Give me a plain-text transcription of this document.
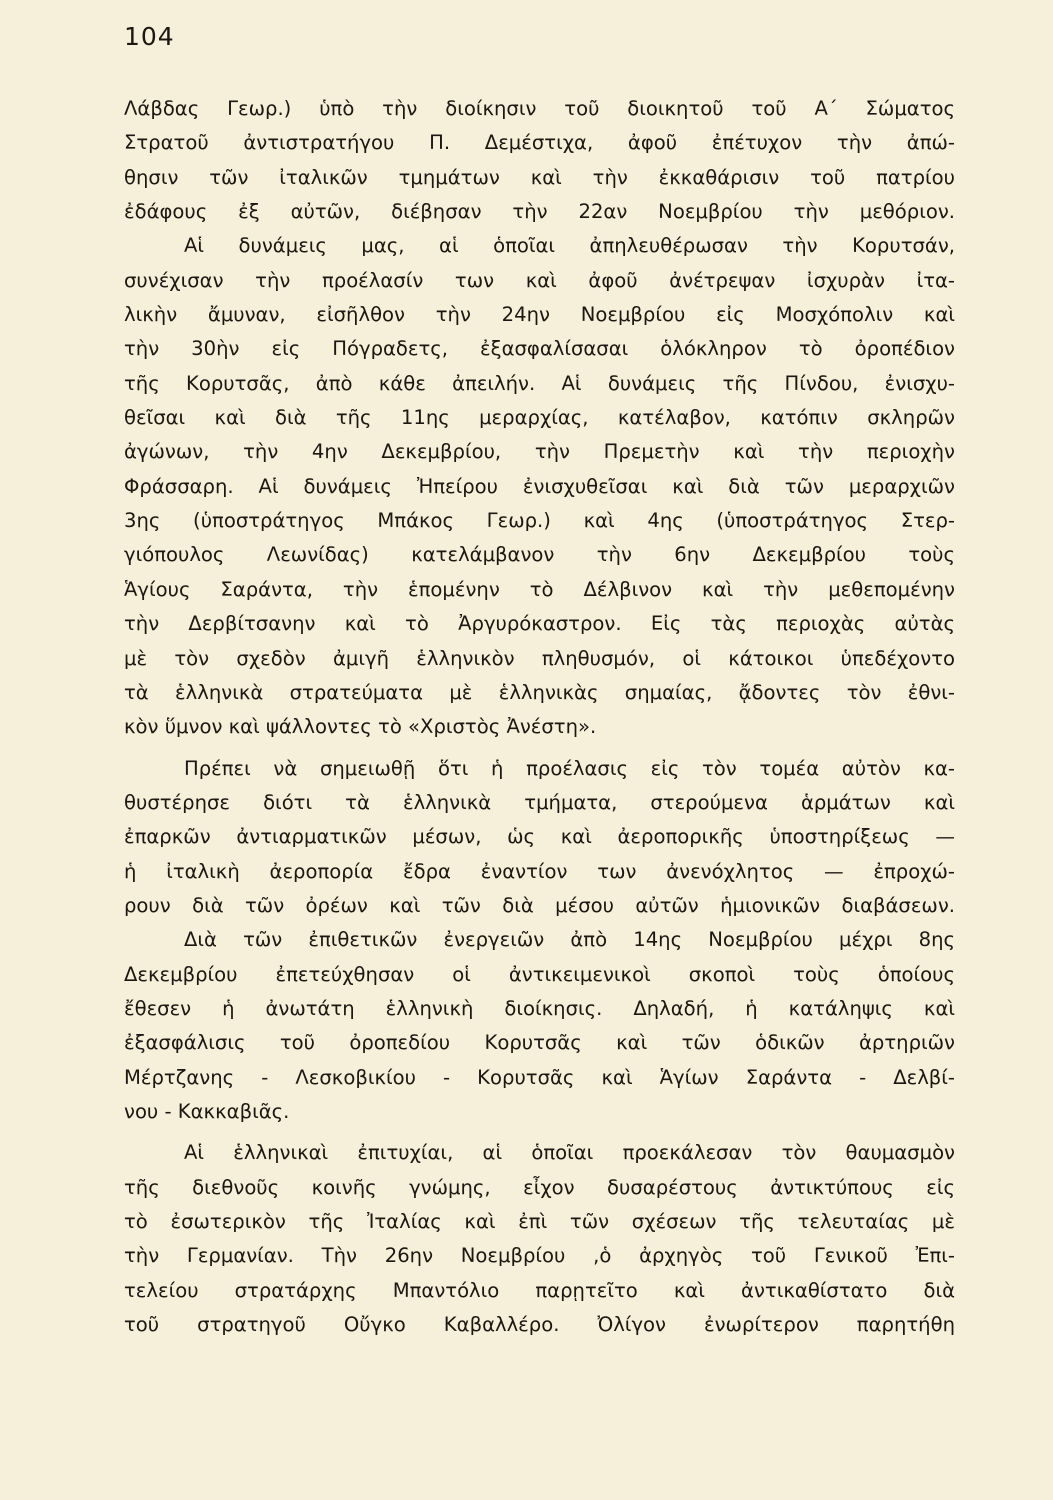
104
Λάβδας Γεωρ.) ὑπὸ τὴν διοίκησιν τοῦ διοικητοῦ τοῦ Α΄ Σώματος
Στρατοῦ ἀντιστρατήγου Π. Δεμέστιχα, ἀφοῦ ἐπέτυχον τὴν ἀπώ-
θησιν τῶν ἰταλικῶν τμημάτων καὶ τὴν ἐκκαθάρισιν τοῦ πατρίου
ἐδάφους ἐξ αὐτῶν, διέβησαν τὴν 22αν Νοεμβρίου τὴν μεθόριον.
Αἱ δυνάμεις μας, αἱ ὁποῖαι ἀπηλευθέρωσαν τὴν Κορυτσάν,
συνέχισαν τὴν προέλασίν των καὶ ἀφοῦ ἀνέτρεψαν ἰσχυρὰν ἰτα-
λικὴν ἄμυναν, εἰσῆλθον τὴν 24ην Νοεμβρίου εἰς Μοσχόπολιν καὶ
τὴν 30ὴν εἰς Πόγραδετς, ἐξασφαλίσασαι ὁλόκληρον τὸ ὀροπέδιον
τῆς Κορυτσᾶς, ἀπὸ κάθε ἀπειλήν. Αἱ δυνάμεις τῆς Πίνδου, ἐνισχυ-
θεῖσαι καὶ διὰ τῆς 11ης μεραρχίας, κατέλαβον, κατόπιν σκληρῶν
ἀγώνων, τὴν 4ην Δεκεμβρίου, τὴν Πρεμετὴν καὶ τὴν περιοχὴν
Φράσσαρη. Αἱ δυνάμεις Ἠπείρου ἐνισχυθεῖσαι καὶ διὰ τῶν μεραρχιῶν
3ης (ὑποστράτηγος Μπάκος Γεωρ.) καὶ 4ης (ὑποστράτηγος Στερ-
γιόπουλος Λεωνίδας) κατελάμβανον τὴν 6ην Δεκεμβρίου τοὺς
Ἁγίους Σαράντα, τὴν ἑπομένην τὸ Δέλβινον καὶ τὴν μεθεπομένην
τὴν Δερβίτσανην καὶ τὸ Ἀργυρόκαστρον. Εἰς τὰς περιοχὰς αὐτὰς
μὲ τὸν σχεδὸν ἀμιγῆ ἑλληνικὸν πληθυσμόν, οἱ κάτοικοι ὑπεδέχοντο
τὰ ἑλληνικὰ στρατεύματα μὲ ἑλληνικὰς σημαίας, ᾄδοντες τὸν ἐθνι-
κὸν ὕμνον καὶ ψάλλοντες τὸ «Χριστὸς Ἀνέστη».
Πρέπει νὰ σημειωθῇ ὅτι ἡ προέλασις εἰς τὸν τομέα αὐτὸν κα-
θυστέρησε διότι τὰ ἑλληνικὰ τμήματα, στερούμενα ἁρμάτων καὶ
ἐπαρκῶν ἀντιαρματικῶν μέσων, ὡς καὶ ἀεροπορικῆς ὑποστηρίξεως —
ἡ ἰταλικὴ ἀεροπορία ἔδρα ἐναντίον των ἀνενόχλητος — ἐπροχώ-
ρουν διὰ τῶν ὀρέων καὶ τῶν διὰ μέσου αὐτῶν ἡμιονικῶν διαβάσεων.
Διὰ τῶν ἐπιθετικῶν ἐνεργειῶν ἀπὸ 14ης Νοεμβρίου μέχρι 8ης
Δεκεμβρίου ἐπετεύχθησαν οἱ ἀντικειμενικοὶ σκοποὶ τοὺς ὁποίους
ἔθεσεν ἡ ἀνωτάτη ἑλληνικὴ διοίκησις. Δηλαδή, ἡ κατάληψις καὶ
ἐξασφάλισις τοῦ ὀροπεδίου Κορυτσᾶς καὶ τῶν ὁδικῶν ἀρτηριῶν
Μέρτζανης - Λεσκοβικίου - Κορυτσᾶς καὶ Ἁγίων Σαράντα - Δελβί-
νου - Κακκαβιᾶς.
Αἱ ἑλληνικαὶ ἐπιτυχίαι, αἱ ὁποῖαι προεκάλεσαν τὸν θαυμασμὸν
τῆς διεθνοῦς κοινῆς γνώμης, εἶχον δυσαρέστους ἀντικτύπους εἰς
τὸ ἐσωτερικὸν τῆς Ἰταλίας καὶ ἐπὶ τῶν σχέσεων τῆς τελευταίας μὲ
τὴν Γερμανίαν. Τὴν 26ην Νοεμβρίου ,ὁ ἀρχηγὸς τοῦ Γενικοῦ Ἐπι-
τελείου στρατάρχης Μπαντόλιο παρῃτεῖτο καὶ ἀντικαθίστατο διὰ
τοῦ στρατηγοῦ Οὔγκο Καβαλλέρο. Ὀλίγον ἐνωρίτερον παρητήθη
